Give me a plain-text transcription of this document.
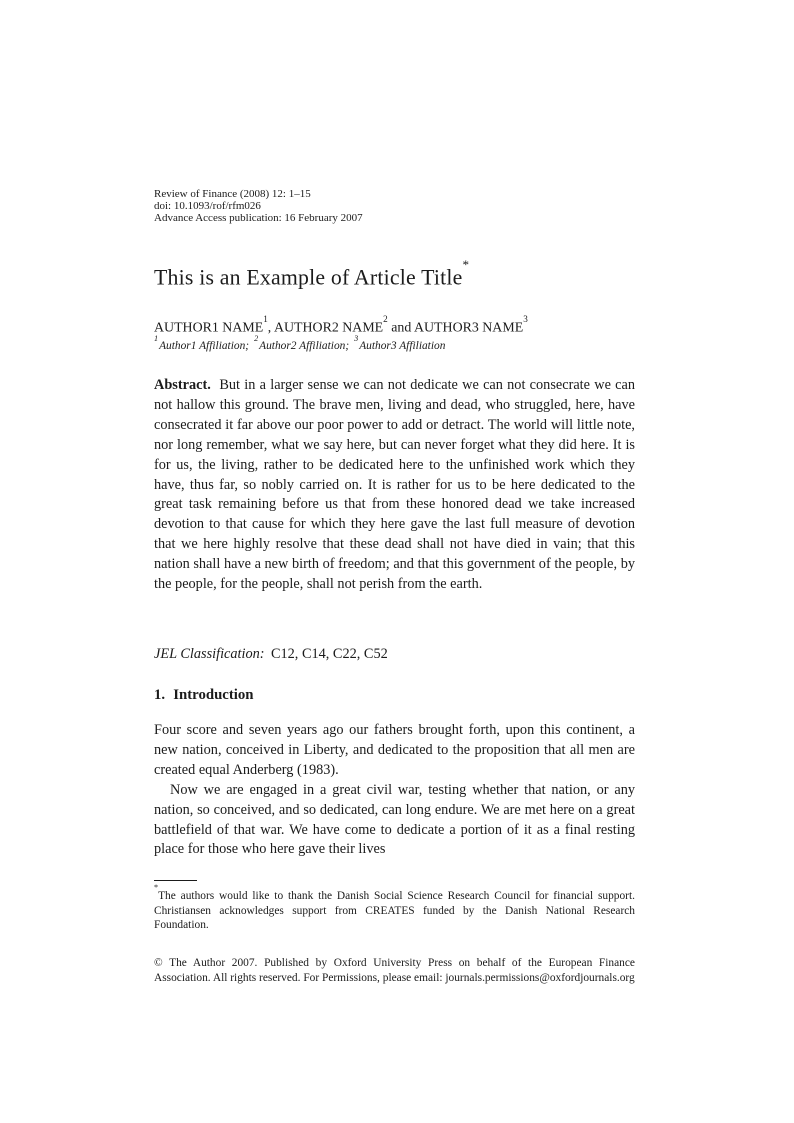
Review of Finance (2008) 12: 1–15
doi: 10.1093/rof/rfm026
Advance Access publication: 16 February 2007
This is an Example of Article Title*
AUTHOR1 NAME$^1$, AUTHOR2 NAME$^2$ and AUTHOR3 NAME$^3$
$^1$Author1 Affiliation;$^2$Author2 Affiliation;$^3$Author3 Affiliation
Abstract. But in a larger sense we can not dedicate we can not consecrate we can not hallow this ground. The brave men, living and dead, who struggled, here, have consecrated it far above our poor power to add or detract. The world will little note, nor long remember, what we say here, but can never forget what they did here. It is for us, the living, rather to be dedicated here to the unfinished work which they have, thus far, so nobly carried on. It is rather for us to be here dedicated to the great task remaining before us that from these honored dead we take increased devotion to that cause for which they here gave the last full measure of devotion that we here highly resolve that these dead shall not have died in vain; that this nation shall have a new birth of freedom; and that this government of the people, by the people, for the people, shall not perish from the earth.
JEL Classification: C12, C14, C22, C52
1. Introduction

Four score and seven years ago our fathers brought forth, upon this continent, a new nation, conceived in Liberty, and dedicated to the proposition that all men are created equal Anderberg (1983).

Now we are engaged in a great civil war, testing whether that nation, or any nation, so conceived, and so dedicated, can long endure. We are met here on a great battlefield of that war. We have come to dedicate a portion of it as a final resting place for those who here gave their lives

*The authors would like to thank the Danish Social Science Research Council for financial support. Christiansen acknowledges support from CREATES funded by the Danish National Research Foundation.
© The Author 2007. Published by Oxford University Press on behalf of the European Finance Association. All rights reserved. For Permissions, please email: journals.permissions@oxfordjournals.org
